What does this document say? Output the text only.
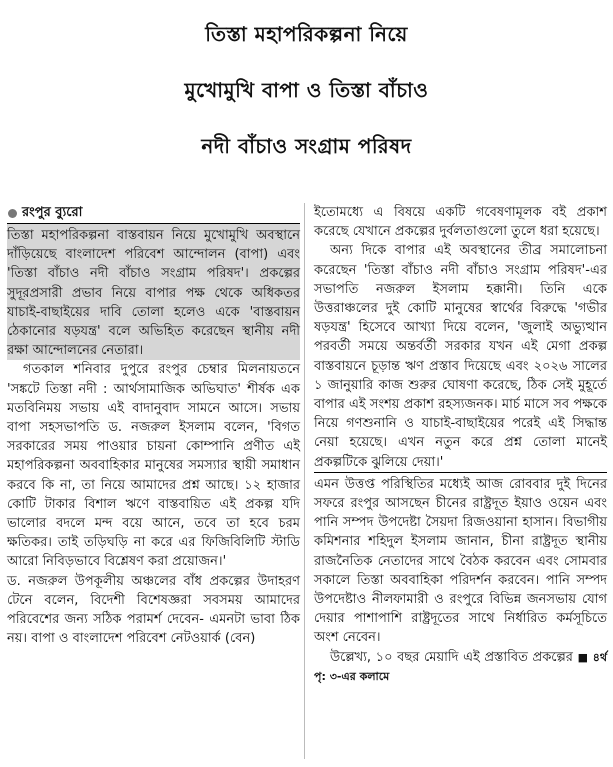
তিস্তা মহাপরিকল্পনা নিয়ে
মুখোমুখি বাপা ও তিস্তা বাঁচাও
নদী বাঁচাও সংগ্রাম পরিষদ
রংপুর ব্যুরো

তিস্তা মহাপরিকল্পনা বাস্তবায়ন নিয়ে মুখোমুখি অবস্থানে দাঁড়িয়েছে বাংলাদেশ পরিবেশ আন্দোলন (বাপা) এবং 'তিস্তা বাঁচাও নদী বাঁচাও সংগ্রাম পরিষদ'। প্রকল্পের সুদূরপ্রসারী প্রভাব নিয়ে বাপার পক্ষ থেকে অধিকতর যাচাই-বাছাইয়ের দাবি তোলা হলেও একে 'বাস্তবায়ন ঠেকানোর ষড়যন্ত্র' বলে অভিহিত করেছেন স্থানীয় নদী রক্ষা আন্দোলনের নেতারা।

গতকাল শনিবার দুপুরে রংপুর চেম্বার মিলনায়তনে 'সঙ্কটে তিস্তা নদী : আর্থসামাজিক অভিঘাত' শীর্ষক এক মতবিনিময় সভায় এই বাদানুবাদ সামনে আসে। সভায় বাপা সহসভাপতি ড. নজরুল ইসলাম বলেন, 'বিগত সরকারের সময় পাওয়ার চায়না কোম্পানি প্রণীত এই মহাপরিকল্পনা অববাহিকার মানুষের সমস্যার স্থায়ী সমাধান করবে কি না, তা নিয়ে আমাদের প্রশ্ন আছে। ১২ হাজার কোটি টাকার বিশাল ঋণে বাস্তবায়িত এই প্রকল্প যদি ভালোর বদলে মন্দ বয়ে আনে, তবে তা হবে চরম ক্ষতিকর। তাই তড়িঘড়ি না করে এর ফিজিবিলিটি স্টাডি আরো নিবিড়ভাবে বিশ্লেষণ করা প্রয়োজন।'

ড. নজরুল উপকূলীয় অঞ্চলের বাঁধ প্রকল্পের উদাহরণ টেনে বলেন, বিদেশী বিশেষজ্ঞরা সবসময় আমাদের পরিবেশের জন্য সঠিক পরামর্শ দেবেন- এমনটা ভাবা ঠিক নয়। বাপা ও বাংলাদেশ পরিবেশ নেটওয়ার্ক (বেন)

ইতোমধ্যে এ বিষয়ে একটি গবেষণামূলক বই প্রকাশ করেছে যেখানে প্রকল্পের দুর্বলতাগুলো তুলে ধরা হয়েছে।

অন্য দিকে বাপার এই অবস্থানের তীব্র সমালোচনা করেছেন 'তিস্তা বাঁচাও নদী বাঁচাও সংগ্রাম পরিষদ'-এর সভাপতি নজরুল ইসলাম হক্কানী। তিনি একে উত্তরাঞ্চলের দুই কোটি মানুষের স্বার্থের বিরুদ্ধে 'গভীর ষড়যন্ত্র' হিসেবে আখ্যা দিয়ে বলেন, 'জুলাই অভ্যুত্থান পরবর্তী সময়ে অন্তর্বর্তী সরকার যখন এই মেগা প্রকল্প বাস্তবায়নে চূড়ান্ত ঋণ প্রস্তাব দিয়েছে এবং ২০২৬ সালের ১ জানুয়ারি কাজ শুরুর ঘোষণা করেছে, ঠিক সেই মুহূর্তে বাপার এই সংশয় প্রকাশ রহস্যজনক। মার্চ মাসে সব পক্ষকে নিয়ে গণশুনানি ও যাচাই-বাছাইয়ের পরেই এই সিদ্ধান্ত নেয়া হয়েছে। এখন নতুন করে প্রশ্ন তোলা মানেই প্রকল্পটিকে ঝুলিয়ে দেয়া।'

এমন উত্তপ্ত পরিস্থিতির মধ্যেই আজ রোববার দুই দিনের সফরে রংপুর আসছেন চীনের রাষ্ট্রদূত ইয়াও ওয়েন এবং পানি সম্পদ উপদেষ্টা সৈয়দা রিজওয়ানা হাসান। বিভাগীয় কমিশনার শহিদুল ইসলাম জানান, চীনা রাষ্ট্রদূত স্থানীয় রাজনৈতিক নেতাদের সাথে বৈঠক করবেন এবং সোমবার সকালে তিস্তা অববাহিকা পরিদর্শন করবেন। পানি সম্পদ উপদেষ্টাও নীলফামারী ও রংপুরে বিভিন্ন জনসভায় যোগ দেয়ার পাশাপাশি রাষ্ট্রদূতের সাথে নির্ধারিত কর্মসূচিতে অংশ নেবেন।

উল্লেখ্য, ১০ বছর মেয়াদি এই প্রস্তাবিত প্রকল্পের ■ ৪র্থ পৃ: ৩-এর কলামে
